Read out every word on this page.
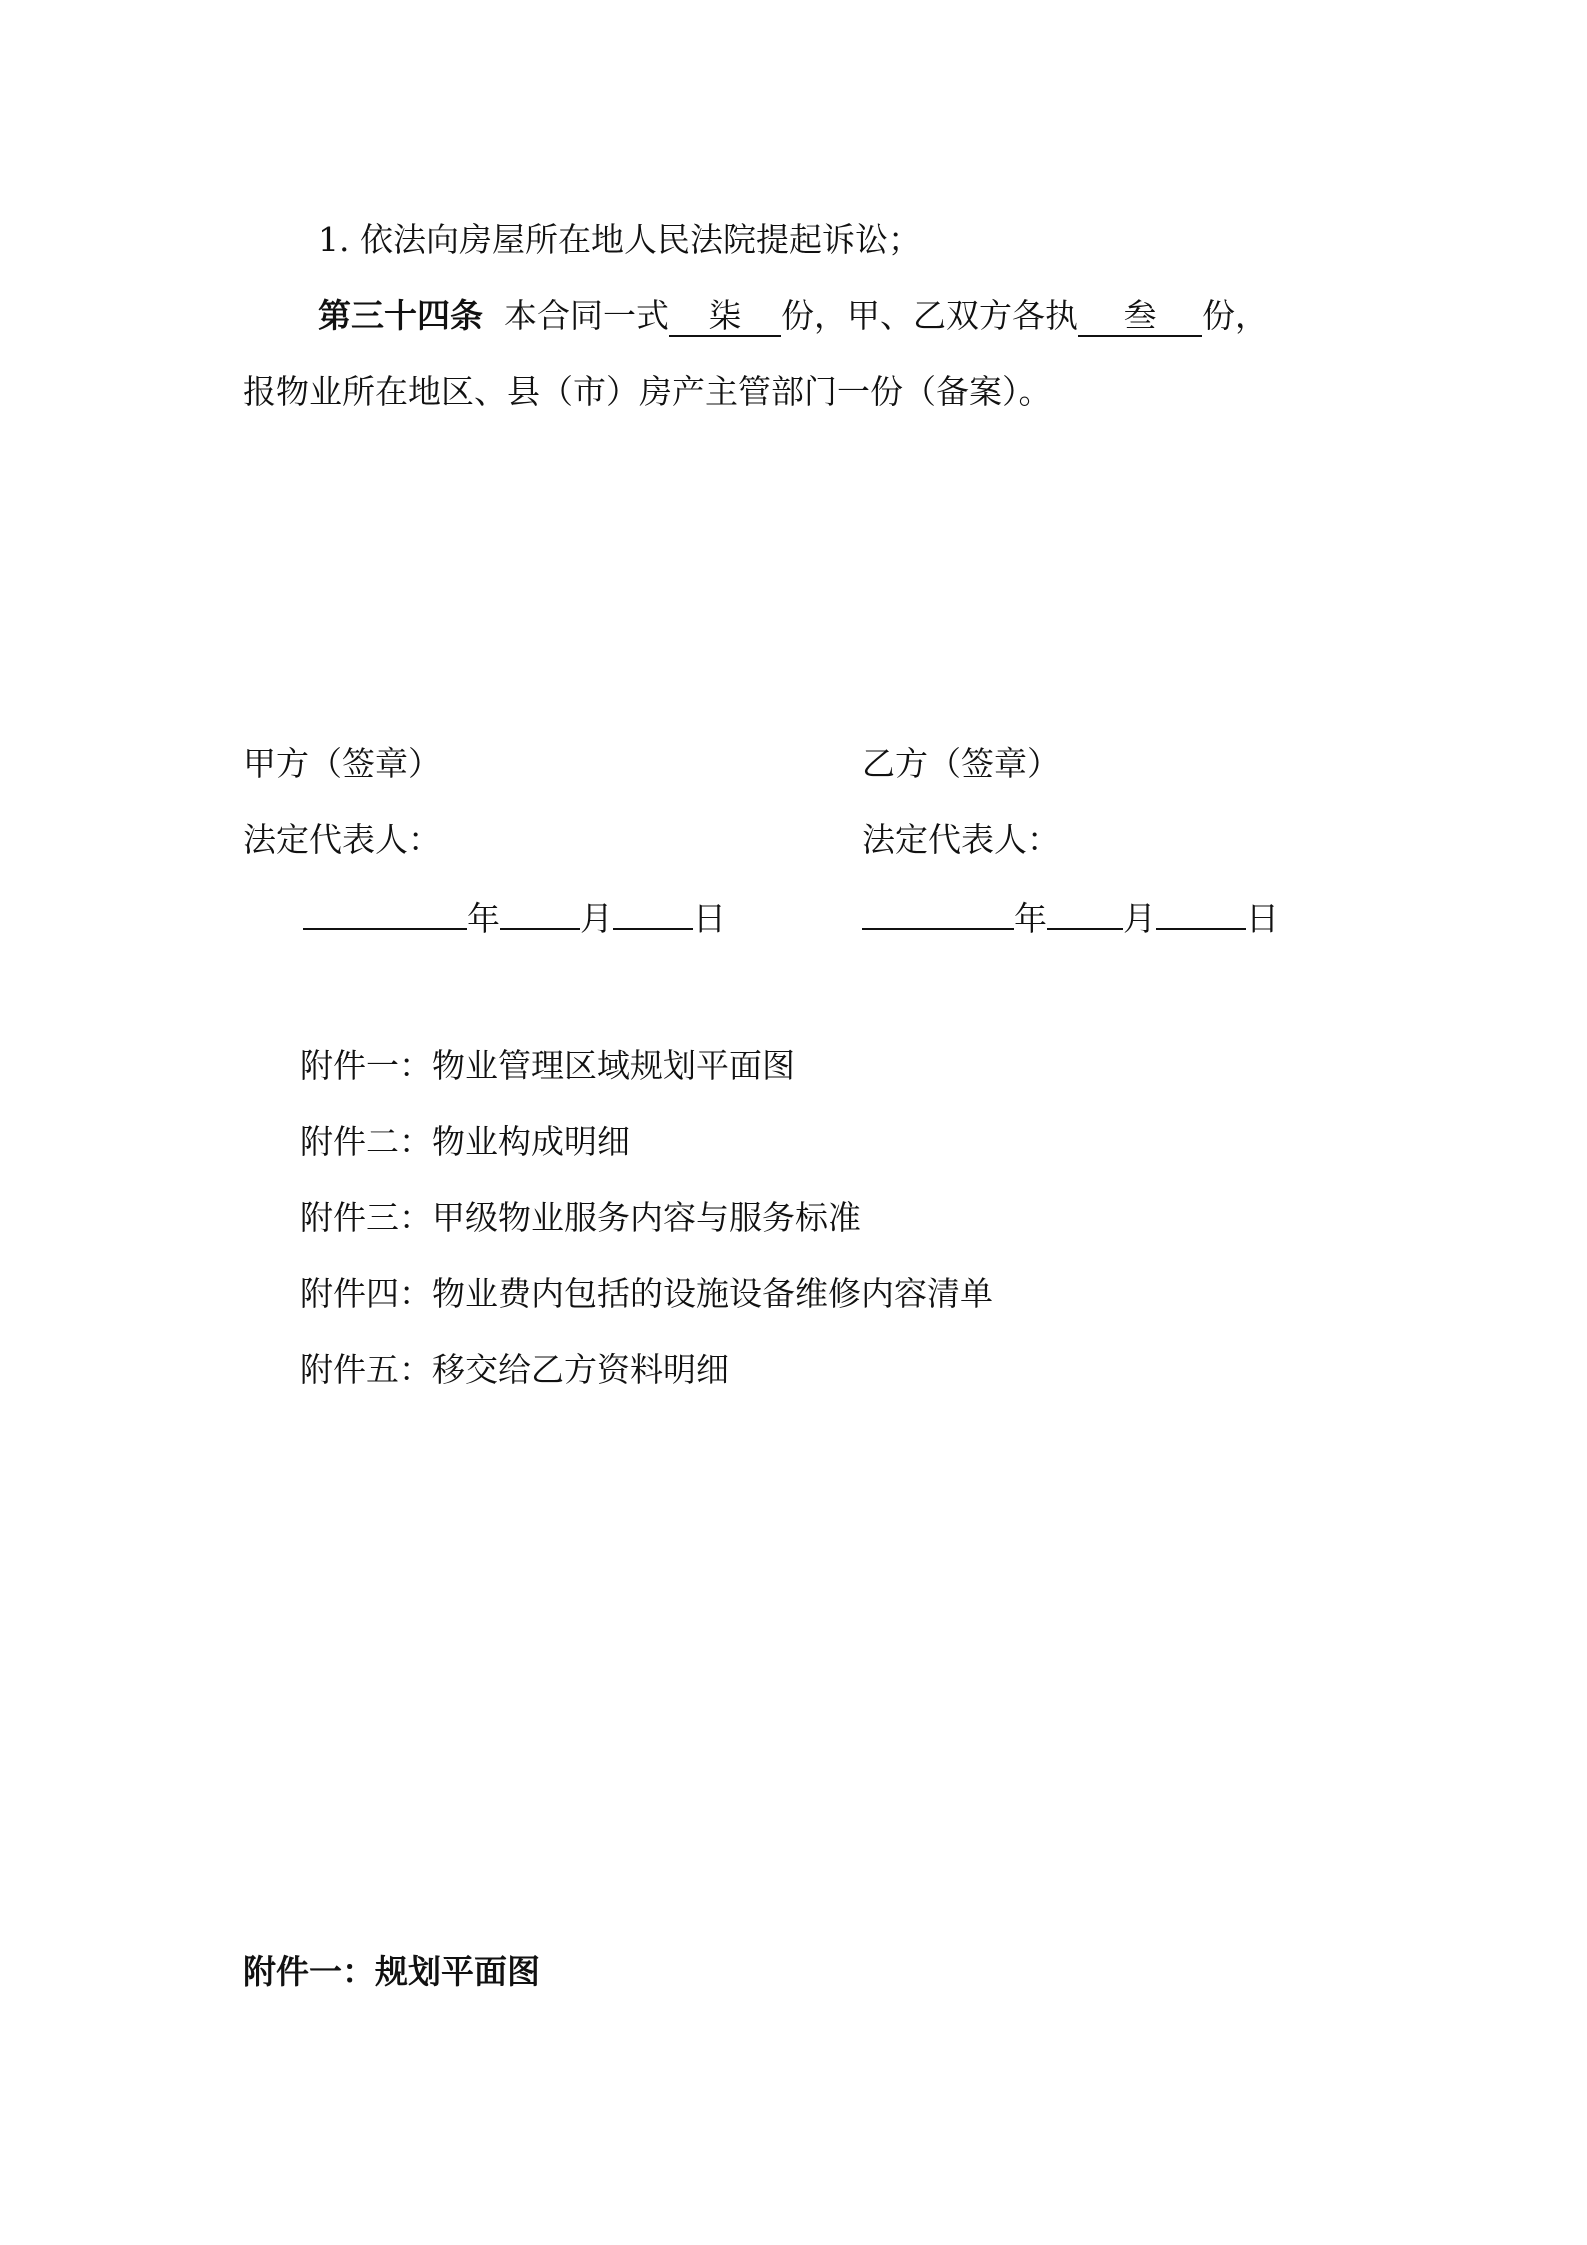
1. 依法向房屋所在地人民法院提起诉讼；
第三十四条 本合同一式 柒 份，甲、乙双方各执 叁 份，
报物业所在地区、县（市）房产主管部门一份（备案）。
甲方（签章）
法定代表人：
年 月 日
乙方（签章）
法定代表人：
年 月	日
附件一：物业管理区域规划平面图
附件二：物业构成明细
附件三：甲级物业服务内容与服务标准
附件四：物业费内包括的设施设备维修内容清单
附件五：移交给乙方资料明细
附件一：规划平面图
